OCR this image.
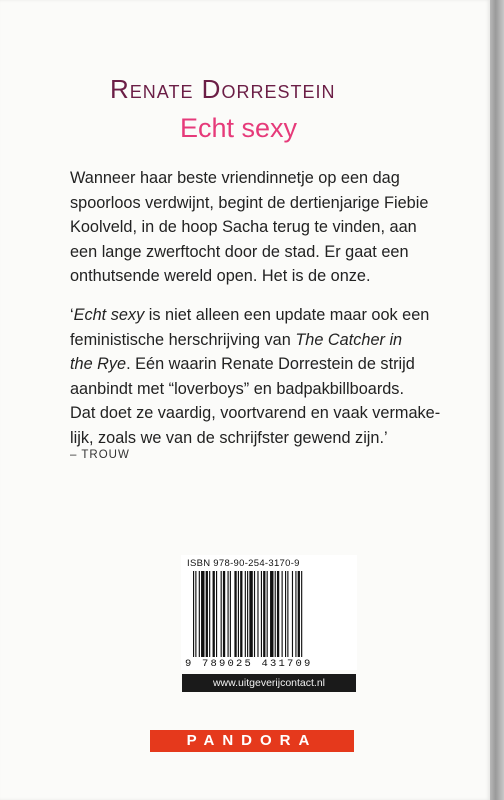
Renate Dorrestein
Echt sexy

Wanneer haar beste vriendinnetje op een dag

spoorloos verdwijnt, begint de dertienjarige Fiebie

Koolveld, in de hoop Sacha terug te vinden, aan

een lange zwerftocht door de stad. Er gaat een

onthutsende wereld open. Het is de onze.

‘Echt sexy is niet alleen een update maar ook een

feministische herschrijving van The Catcher in

the Rye. Eén waarin Renate Dorrestein de strijd

aanbindt met “loverboys” en badpakbillboards.

Dat doet ze vaardig, voortvarend en vaak vermake-

lijk, zoals we van de schrijfster gewend zijn.’

– TROUW
ISBN 978-90-254-3170-9
9 789025 431709
www.uitgeverijcontact.nl
PANDORA
